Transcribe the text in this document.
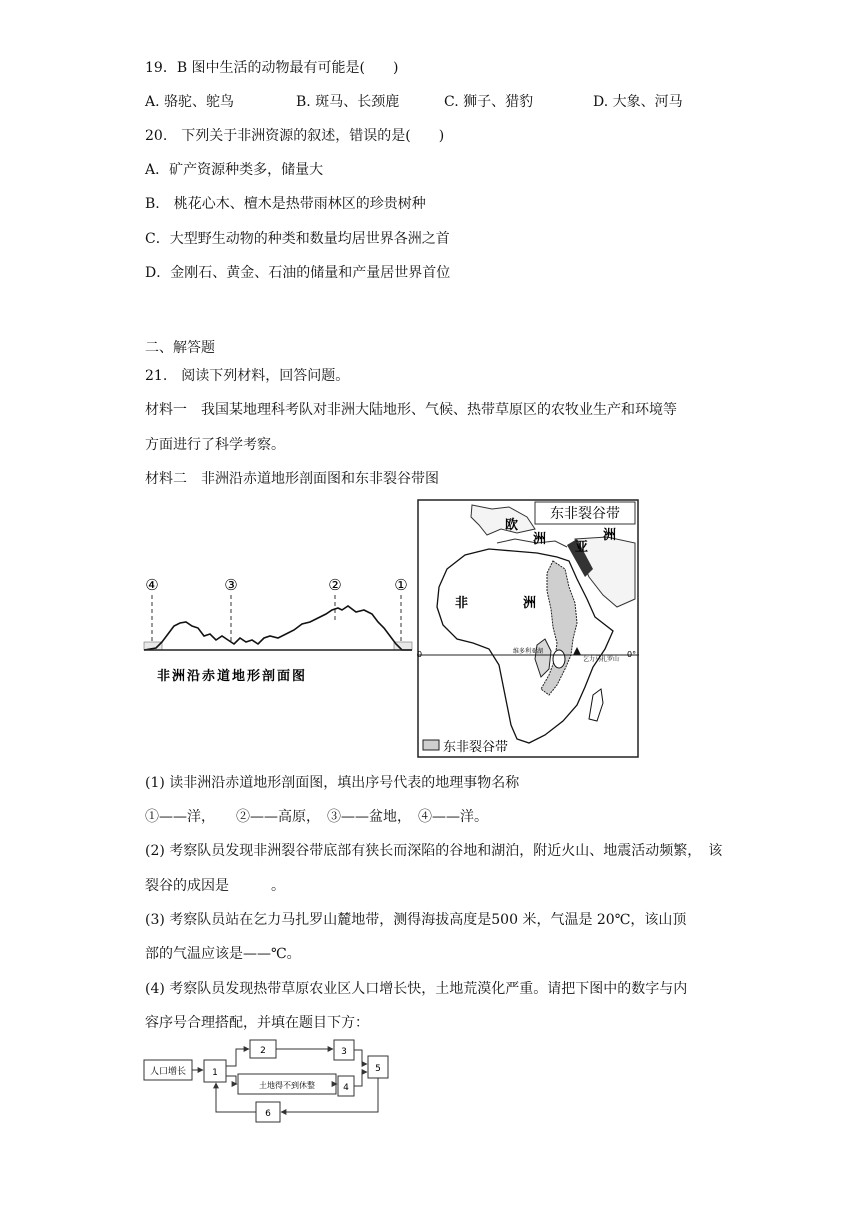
19．B 图中生活的动物最有可能是(　　)
A. 骆驼、鸵鸟	B. 斑马、长颈鹿	C. 狮子、猎豹	D. 大象、河马
20.　下列关于非洲资源的叙述，错误的是(　　)
A．矿产资源种类多，储量大
B.　桃花心木、檀木是热带雨林区的珍贵树种
C．大型野生动物的种类和数量均居世界各洲之首
D．金刚石、黄金、石油的储量和产量居世界首位
二、解答题
21.　阅读下列材料，回答问题。
材料一　我国某地理科考队对非洲大陆地形、气候、热带草原区的农牧业生产和环境等
方面进行了科学考察。
材料二　非洲沿赤道地形剖面图和东非裂谷带图
④	③	②	①
非洲沿赤道地形剖面图
东非裂谷带
欧
洲
亚
洲
非	洲
0	0°
维多利亚湖
乞力马扎罗山
东非裂谷带
(1) 读非洲沿赤道地形剖面图，填出序号代表的地理事物名称
①——洋，　　②——高原，　③——盆地，　④——洋。
(2) 考察队员发现非洲裂谷带底部有狭长而深陷的谷地和湖泊，附近火山、地震活动频繁，　该
裂谷的成因是　　　。
(3) 考察队员站在乞力马扎罗山麓地带，测得海拔高度是500 米，气温是 20℃，该山顶
部的气温应该是——℃。
(4) 考察队员发现热带草原农业区人口增长快，土地荒漠化严重。请把下图中的数字与内
容序号合理搭配，并填在题目下方：
人口增长	1
2	3
土地得不到休整	4
5
6
